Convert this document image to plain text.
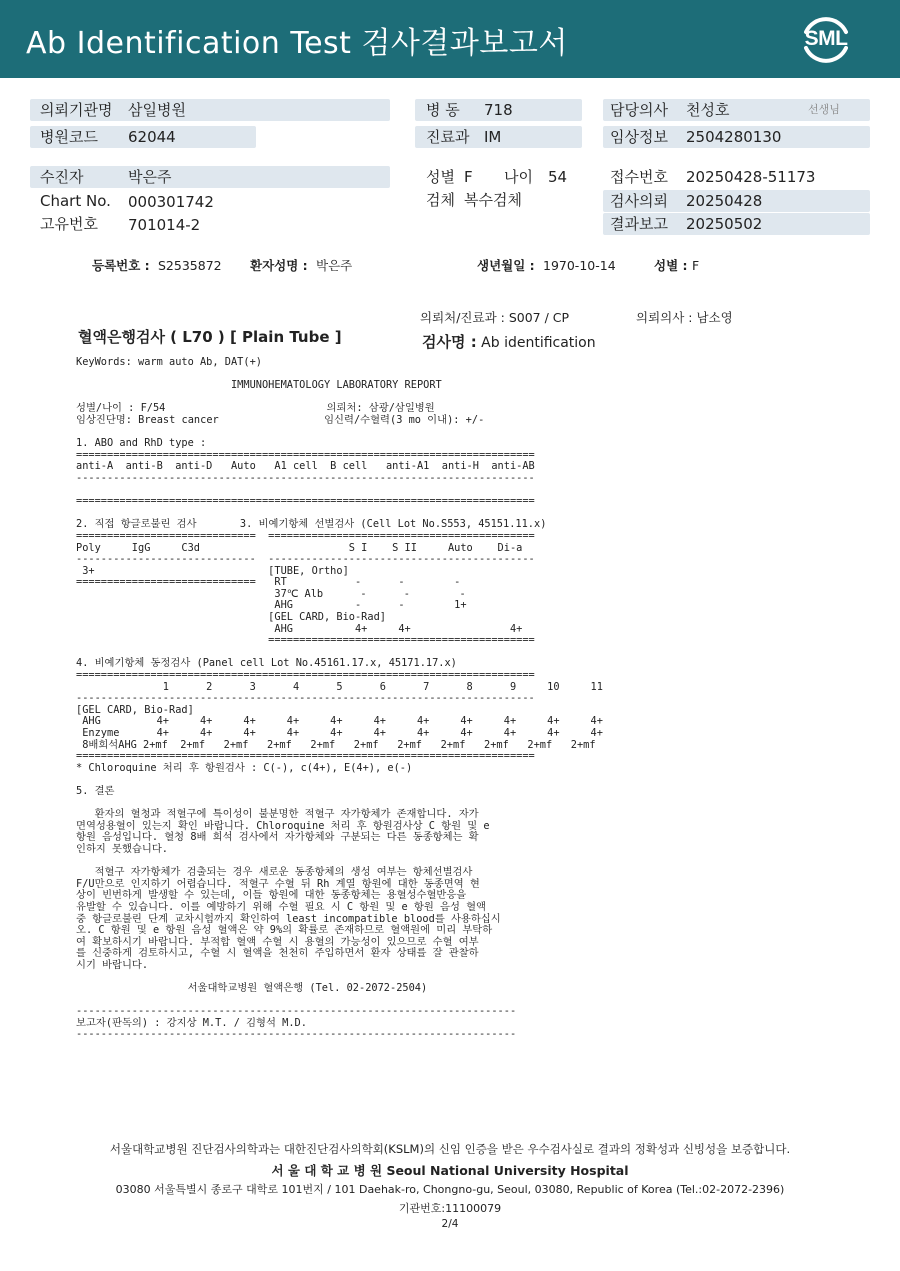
Ab Identification Test 검사결과보고서	SML
의뢰기관명 삼일병원
병원코드 62044
병 동 718
진료과 IM
담당의사 천성호	선생님
임상정보 2504280130
수진자	박은주
Chart No. 000301742
고유번호 701014-2
성별 F 나이 54
검체 복수검체
접수번호 20250428-51173
검사의뢰 20250428
결과보고 20250502
등록번호 : S2535872 환자성명 : 박은주	생년월일 : 1970-10-14	성별 : F
의뢰처/진료과 : S007 / CP	의뢰의사 : 남소영
혈액은행검사 ( L70 ) [ Plain Tube ]	검사명 : Ab identification
KeyWords: warm auto Ab, DAT(+)

IMMUNOHEMATOLOGY LABORATORY REPORT

성별/나이 : F/54                          의뢰처: 삼광/삼일병원
임상진단명: Breast cancer                 임신력/수혈력(3 mo 이내): +/-

1. ABO and RhD type :
==========================================================================
anti-A  anti-B  anti-D   Auto   A1 cell  B cell   anti-A1  anti-H  anti-AB
--------------------------------------------------------------------------

==========================================================================

2. 직접 항글로불린 검사       3. 비예기항체 선별검사 (Cell Lot No.S553, 45151.11.x)
=============================  ===========================================
Poly     IgG     C3d                        S I    S II     Auto    Di-a
-----------------------------  -------------------------------------------
3+                            [TUBE, Ortho]
=============================   RT           -      -        -
37℃ Alb      -      -        -
AHG          -      -        1+
[GEL CARD, Bio-Rad]
AHG          4+     4+                4+
===========================================

4. 비예기항체 동정검사 (Panel cell Lot No.45161.17.x, 45171.17.x)
==========================================================================
1      2      3      4      5      6      7      8      9     10     11
--------------------------------------------------------------------------
[GEL CARD, Bio-Rad]
AHG         4+     4+     4+     4+     4+     4+     4+     4+     4+     4+     4+
Enzyme      4+     4+     4+     4+     4+     4+     4+     4+     4+     4+     4+
8배희석AHG 2+mf  2+mf   2+mf   2+mf   2+mf   2+mf   2+mf   2+mf   2+mf   2+mf   2+mf
==========================================================================
* Chloroquine 처리 후 항원검사 : C(-), c(4+), E(4+), e(-)

5. 결론

환자의 혈청과 적혈구에 특이성이 불분명한 적혈구 자가항체가 존재합니다. 자가
면역성용혈이 있는지 확인 바랍니다. Chloroquine 처리 후 항원검사상 C 항원 및 e
항원 음성입니다. 혈청 8배 희석 검사에서 자가항체와 구분되는 다른 동종항체는 확
인하지 못했습니다.

적혈구 자가항체가 검출되는 경우 새로운 동종항체의 생성 여부는 항체선별검사
F/U만으로 인지하기 어렵습니다. 적혈구 수혈 뒤 Rh 계열 항원에 대한 동종면역 현
상이 빈번하게 발생할 수 있는데, 이들 항원에 대한 동종항체는 용혈성수혈반응을
유발할 수 있습니다. 이를 예방하기 위해 수혈 필요 시 C 항원 및 e 항원 음성 혈액
중 항글로불린 단계 교차시험까지 확인하여 least incompatible blood를 사용하십시
오. C 항원 및 e 항원 음성 혈액은 약 9%의 확률로 존재하므로 혈액원에 미리 부탁하
여 확보하시기 바랍니다. 부적합 혈액 수혈 시 용혈의 가능성이 있으므로 수혈 여부
를 신중하게 검토하시고, 수혈 시 혈액을 천천히 주입하면서 환자 상태를 잘 관찰하
시기 바랍니다.

서울대학교병원 혈액은행 (Tel. 02-2072-2504)

-----------------------------------------------------------------------
보고자(판독의) : 강지상 M.T. / 김형석 M.D.
-----------------------------------------------------------------------
서울대학교병원 진단검사의학과는 대한진단검사의학회(KSLM)의 신임 인증을 받은 우수검사실로 결과의 정확성과 신빙성을 보증합니다.
서 울 대 학 교 병 원 Seoul National University Hospital
03080 서울특별시 종로구 대학로 101번지 / 101 Daehak-ro, Chongno-gu, Seoul, 03080, Republic of Korea (Tel.:02-2072-2396)
기관번호:11100079
2/4
